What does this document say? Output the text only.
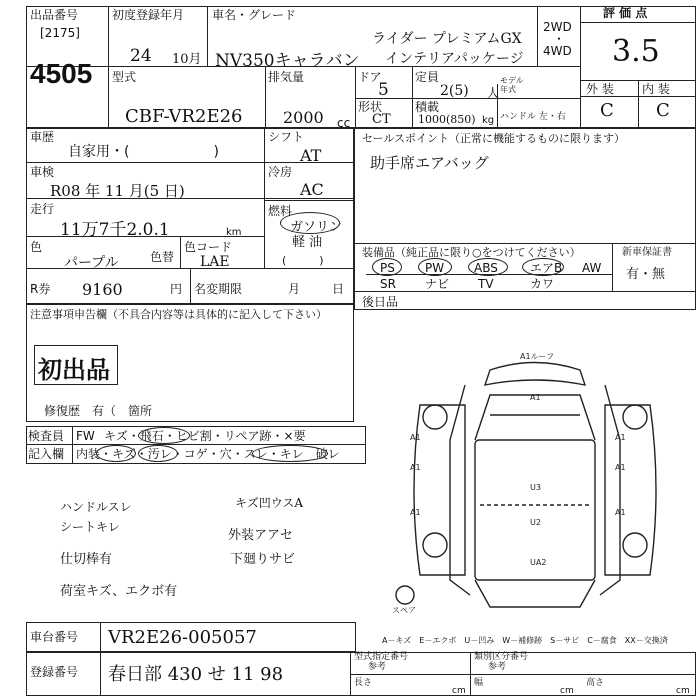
出品番号
[2175]
4505
初度登録年月
24 10月
車名・グレード
NV350キャラバン
ライダー プレミアムGX
インテリアパッケージ
2WD
・
4WD
評 価 点
3.5
型式
CBF-VR2E26
排気量
2000 cc
ドア
5
定員
2(5) 人
モデル年式	外 装 内 装
C C
形状
CT
積載
1000(850) kg ハンドル 左・右
車歴
自家用・(　　　　　　)
シフト
AT
車検
R08 年 11 月(5 日)
冷房
AC
走行
11万7千2.0.1	km
燃料
ガソリン
軽 油
(　　　)
色
パープル	色替
色コード
LAE
R券 9160	円 名変期限	月	日
セールスポイント（正常に機能するものに限ります）
助手席エアバッグ
装備品（純正品に限り○をつけてください）	新車保証書
有・無
PS	PW ABS	エアB AW
SR ナビ TV	カワ
後日品
注意事項申告欄（不具合内容等は具体的に記入して下さい）
初出品
修復歴　有（　箇所
検査員 FW キズ・飛石・ヒビ割・リペア跡・×要
記入欄 内装・キズ・汚レ・コゲ・穴・スレ・キレ　破レ
ハンドルスレ
シートキレ
仕切棒有
荷室キズ、エクボ有
キズ凹ウスA
外装アアセ
下廻りサビ
A1ルーフ
A1
A1	A1
A1
U3
A1
U2
A1
UA2
A1
スペア
A－キズ　E－エクボ　U－凹み　W－補修跡　S－サビ　C－腐食　XX－交換済
車台番号 VR2E26-005057
登録番号 春日部 430 せ 11 98
型式指定番号
参考
類別区分番号
参考
長さ
cm
幅
cm
高さ
cm
